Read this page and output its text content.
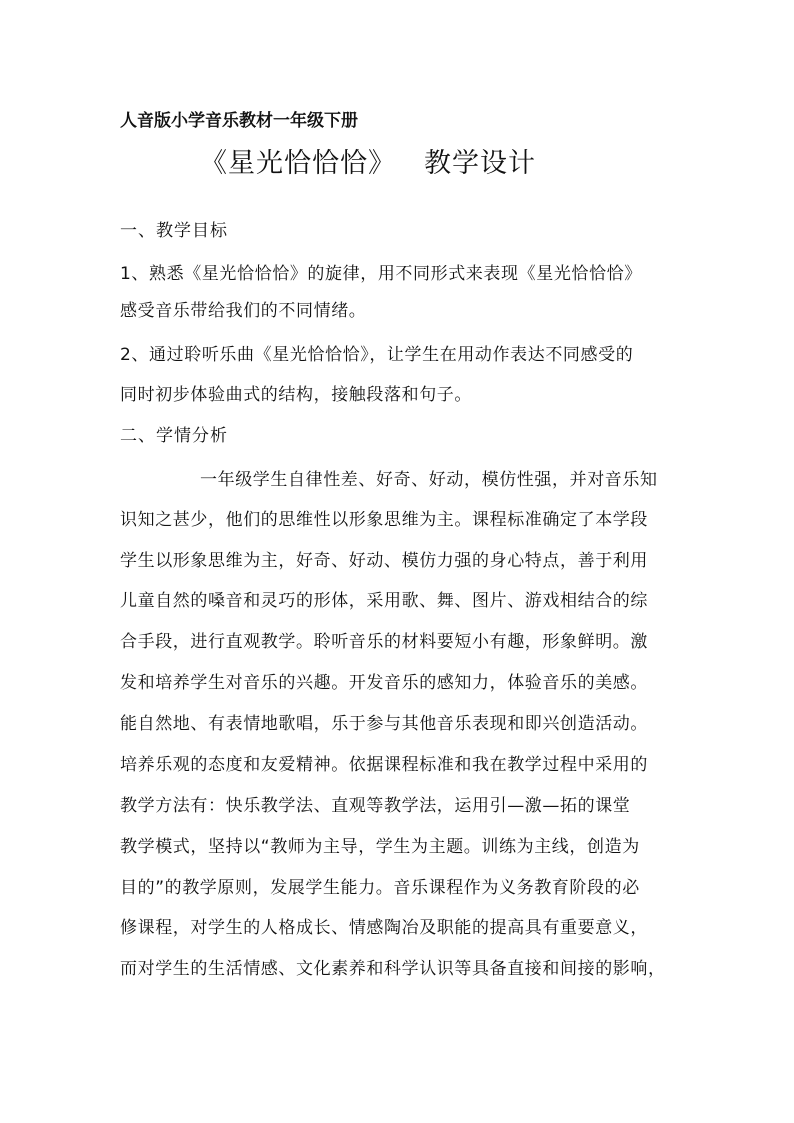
人音版小学音乐教材一年级下册
《星光恰恰恰》 教学设计
一、教学目标
1、熟悉《星光恰恰恰》的旋律，用不同形式来表现《星光恰恰恰》
感受音乐带给我们的不同情绪。
2、通过聆听乐曲《星光恰恰恰》，让学生在用动作表达不同感受的
同时初步体验曲式的结构，接触段落和句子。
二、学情分析
一年级学生自律性差、好奇、好动，模仿性强，并对音乐知
识知之甚少，他们的思维性以形象思维为主。课程标准确定了本学段
学生以形象思维为主，好奇、好动、模仿力强的身心特点，善于利用
儿童自然的嗓音和灵巧的形体，采用歌、舞、图片、游戏相结合的综
合手段，进行直观教学。聆听音乐的材料要短小有趣，形象鲜明。激
发和培养学生对音乐的兴趣。开发音乐的感知力，体验音乐的美感。
能自然地、有表情地歌唱，乐于参与其他音乐表现和即兴创造活动。
培养乐观的态度和友爱精神。依据课程标准和我在教学过程中采用的
教学方法有：快乐教学法、直观等教学法，运用引—激—拓的课堂
教学模式，坚持以“教师为主导，学生为主题。训练为主线，创造为
目的”的教学原则，发展学生能力。音乐课程作为义务教育阶段的必
修课程，对学生的人格成长、情感陶冶及职能的提高具有重要意义，
而对学生的生活情感、文化素养和科学认识等具备直接和间接的影响，
